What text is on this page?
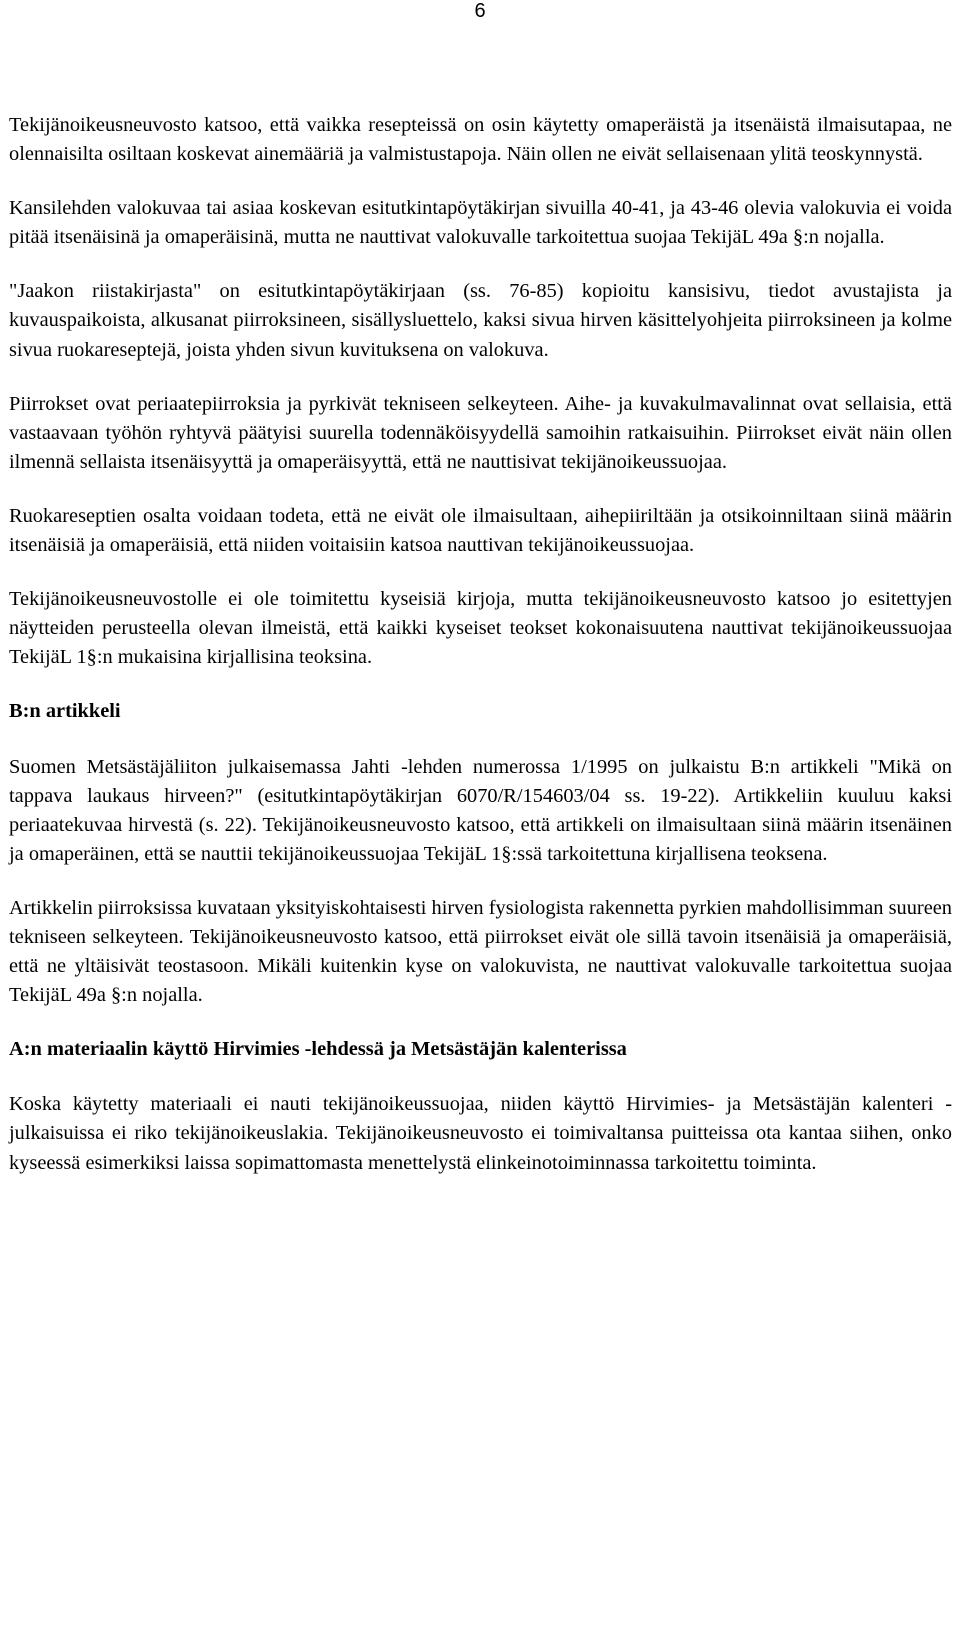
6

Tekijänoikeusneuvosto katsoo, että vaikka resepteissä on osin käytetty omaperäistä ja itsenäistä ilmaisutapaa, ne olennaisilta osiltaan koskevat ainemääriä ja valmistustapoja. Näin ollen ne eivät sellaisenaan ylitä teoskynnystä.

Kansilehden valokuvaa tai asiaa koskevan esitutkintapöytäkirjan sivuilla 40-41, ja 43-46 olevia valokuvia ei voida pitää itsenäisinä ja omaperäisinä, mutta ne nauttivat valokuvalle tarkoitettua suojaa TekijäL 49a §:n nojalla.

"Jaakon riistakirjasta" on esitutkintapöytäkirjaan (ss. 76-85) kopioitu kansisivu, tiedot avustajista ja kuvauspaikoista, alkusanat piirroksineen, sisällysluettelo, kaksi sivua hirven käsittelyohjeita piirroksineen ja kolme sivua ruokareseptejä, joista yhden sivun kuvituksena on valokuva.

Piirrokset ovat periaatepiirroksia ja pyrkivät tekniseen selkeyteen. Aihe- ja kuvakulmavalinnat ovat sellaisia, että vastaavaan työhön ryhtyvä päätyisi suurella todennäköisyydellä samoihin ratkaisuihin. Piirrokset eivät näin ollen ilmennä sellaista itsenäisyyttä ja omaperäisyyttä, että ne nauttisivat tekijänoikeussuojaa.

Ruokareseptien osalta voidaan todeta, että ne eivät ole ilmaisultaan, aihepiiriltään ja otsikoinniltaan siinä määrin itsenäisiä ja omaperäisiä, että niiden voitaisiin katsoa nauttivan tekijänoikeussuojaa.

Tekijänoikeusneuvostolle ei ole toimitettu kyseisiä kirjoja, mutta tekijänoikeusneuvosto katsoo jo esitettyjen näytteiden perusteella olevan ilmeistä, että kaikki kyseiset teokset kokonaisuutena nauttivat tekijänoikeussuojaa TekijäL 1§:n mukaisina kirjallisina teoksina.

B:n artikkeli

Suomen Metsästäjäliiton julkaisemassa Jahti -lehden numerossa 1/1995 on julkaistu B:n artikkeli "Mikä on tappava laukaus hirveen?" (esitutkintapöytäkirjan 6070/R/154603/04 ss. 19-22). Artikkeliin kuuluu kaksi periaatekuvaa hirvestä (s. 22). Tekijänoikeusneuvosto katsoo, että artikkeli on ilmaisultaan siinä määrin itsenäinen ja omaperäinen, että se nauttii tekijänoikeussuojaa TekijäL 1§:ssä tarkoitettuna kirjallisena teoksena.

Artikkelin piirroksissa kuvataan yksityiskohtaisesti hirven fysiologista rakennetta pyrkien mahdollisimman suureen tekniseen selkeyteen. Tekijänoikeusneuvosto katsoo, että piirrokset eivät ole sillä tavoin itsenäisiä ja omaperäisiä, että ne yltäisivät teostasoon. Mikäli kuitenkin kyse on valokuvista, ne nauttivat valokuvalle tarkoitettua suojaa TekijäL 49a §:n nojalla.

A:n materiaalin käyttö Hirvimies -lehdessä ja Metsästäjän kalenterissa

Koska käytetty materiaali ei nauti tekijänoikeussuojaa, niiden käyttö Hirvimies- ja Metsästäjän kalenteri -julkaisuissa ei riko tekijänoikeuslakia. Tekijänoikeusneuvosto ei toimivaltansa puitteissa ota kantaa siihen, onko kyseessä esimerkiksi laissa sopimattomasta menettelystä elinkeinotoiminnassa tarkoitettu toiminta.
